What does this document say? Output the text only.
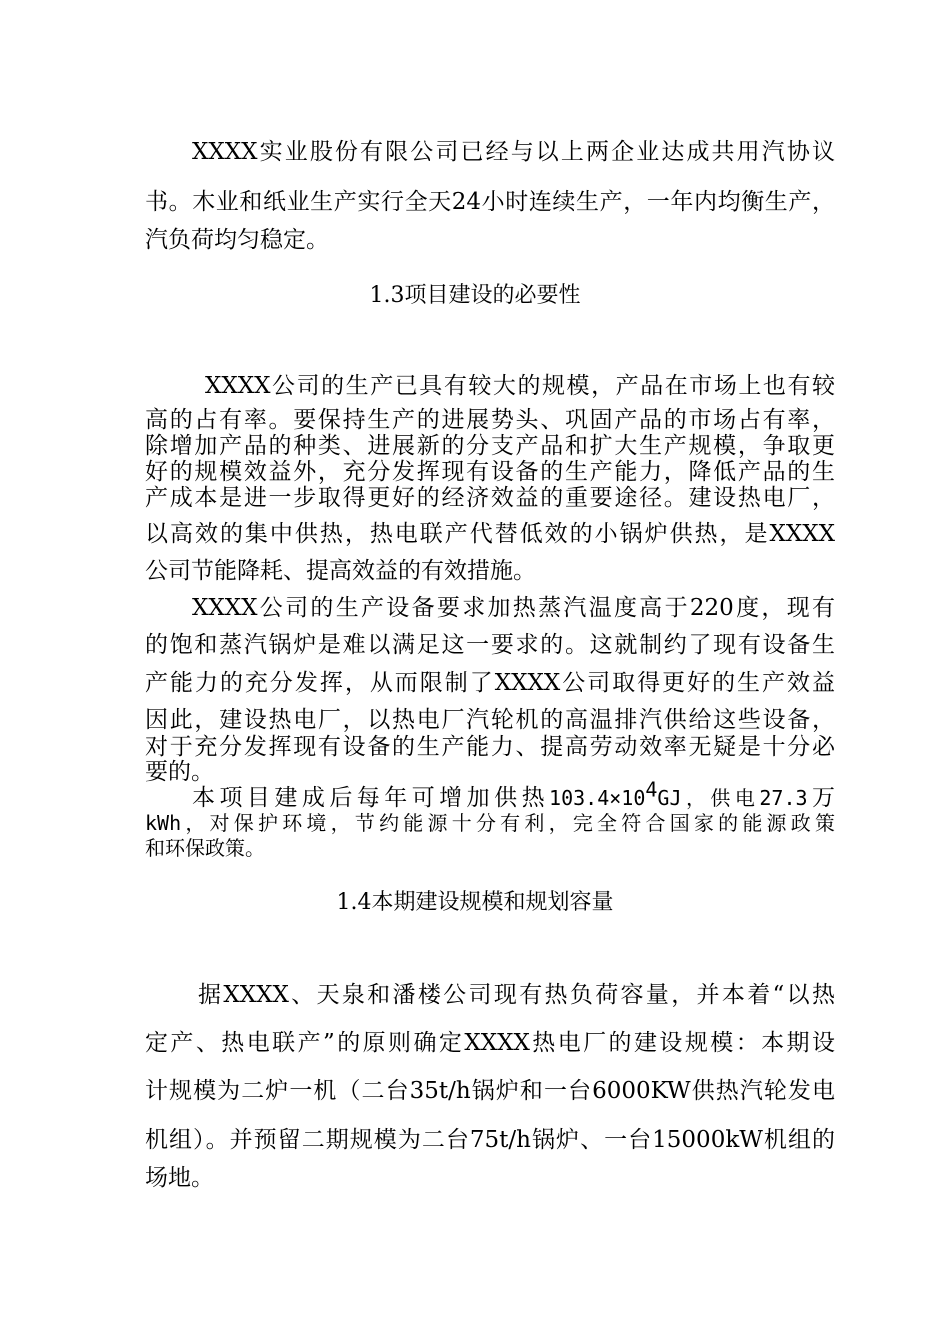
XXXX实业股份有限公司已经与以上两企业达成共用汽协议
书。木业和纸业生产实行全天24小时连续生产，一年内均衡生产，
汽负荷均匀稳定。
1.3项目建设的必要性
XXXX公司的生产已具有较大的规模，产品在市场上也有较
高的占有率。要保持生产的进展势头、巩固产品的市场占有率，
除增加产品的种类、进展新的分支产品和扩大生产规模，争取更
好的规模效益外，充分发挥现有设备的生产能力，降低产品的生
产成本是进一步取得更好的经济效益的重要途径。建设热电厂，
以高效的集中供热，热电联产代替低效的小锅炉供热，是XXXX
公司节能降耗、提高效益的有效措施。
XXXX公司的生产设备要求加热蒸汽温度高于220度，现有
的饱和蒸汽锅炉是难以满足这一要求的。这就制约了现有设备生
产能力的充分发挥，从而限制了XXXX公司取得更好的生产效益
因此，建设热电厂，以热电厂汽轮机的高温排汽供给这些设备，
对于充分发挥现有设备的生产能力、提高劳动效率无疑是十分必
要的。
本项目建成后每年可增加供热$103.4\times 10^4GJ$，供电27.3万
kWh，对保护环境，节约能源十分有利，完全符合国家的能源政策
和环保政策。
1.4本期建设规模和规划容量
据XXXX、天泉和潘楼公司现有热负荷容量，并本着“以热
定产、热电联产”的原则确定XXXX热电厂的建设规模：本期设
计规模为二炉一机（二台35t/h锅炉和一台6000KW供热汽轮发电
机组）。并预留二期规模为二台75t/h锅炉、一台15000kW机组的
场地。
